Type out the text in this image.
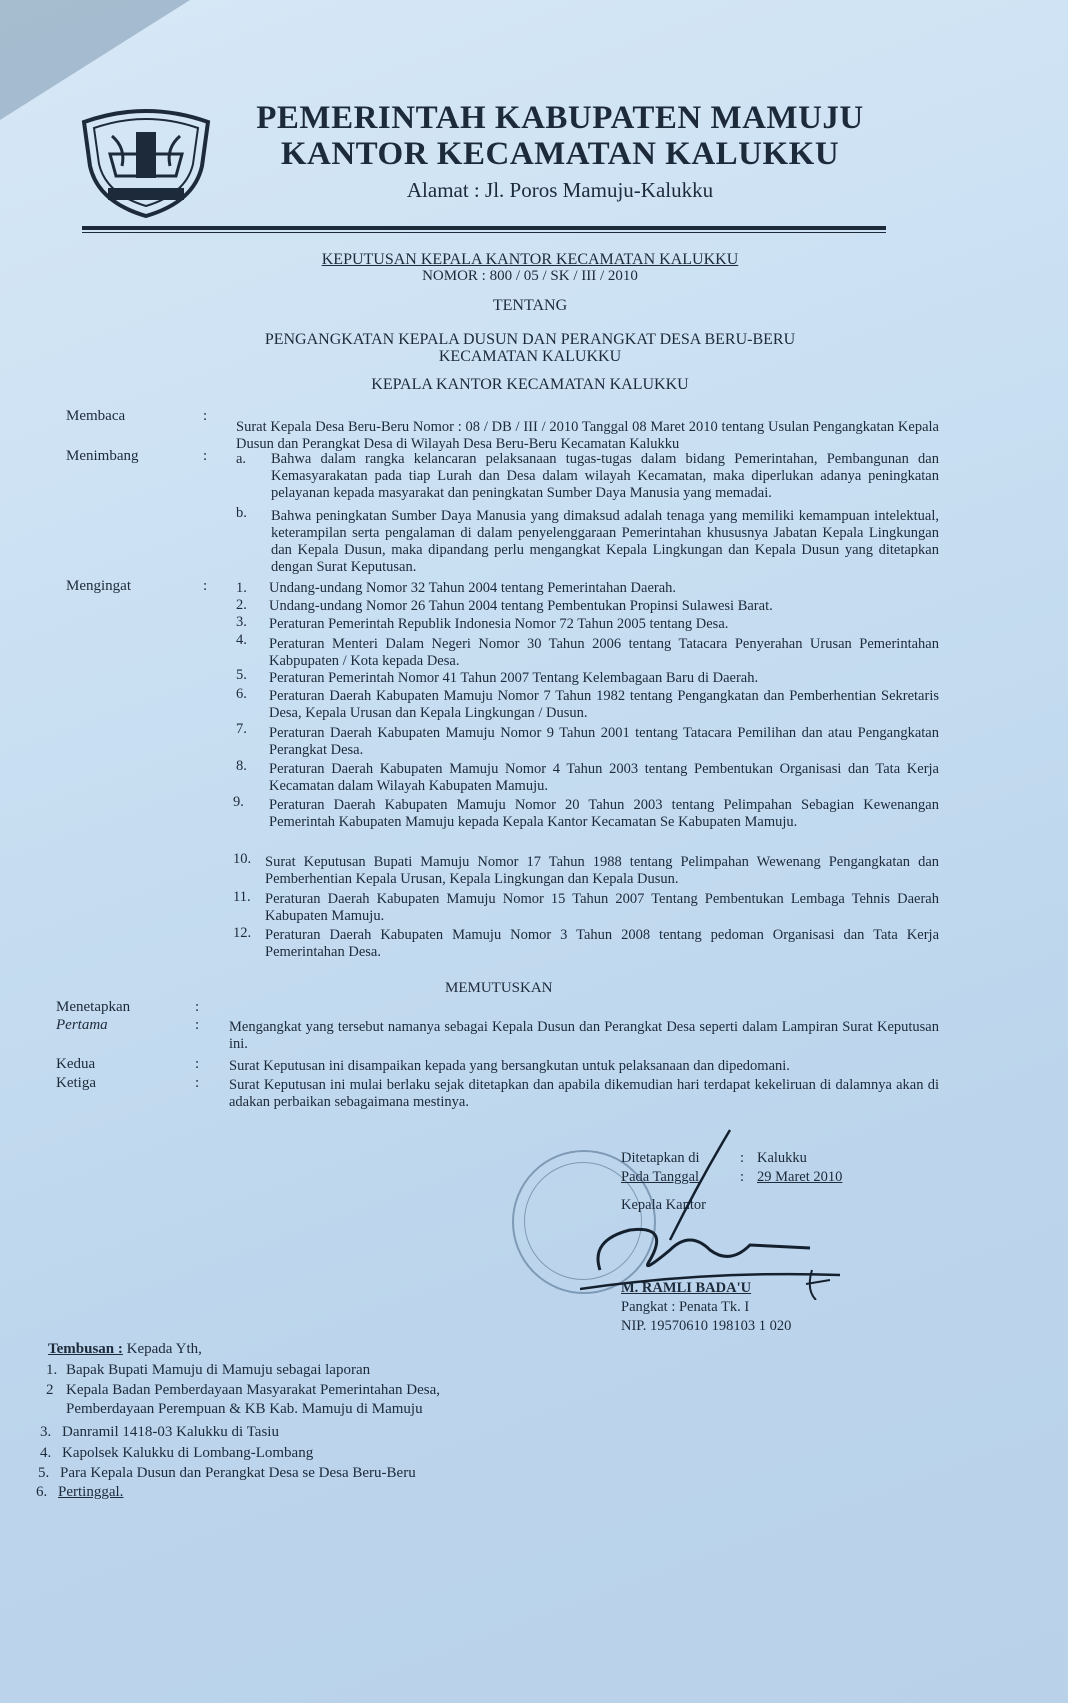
PEMERINTAH KABUPATEN MAMUJU
KANTOR KECAMATAN KALUKKU
Alamat : Jl. Poros Mamuju-Kalukku
KEPUTUSAN KEPALA KANTOR KECAMATAN KALUKKU
NOMOR : 800 / 05 / SK / III / 2010
TENTANG
PENGANGKATAN KEPALA DUSUN DAN PERANGKAT DESA BERU-BERU
KECAMATAN KALUKKU
KEPALA KANTOR KECAMATAN KALUKKU
Membaca	:
Surat Kepala Desa Beru-Beru Nomor : 08 / DB / III / 2010 Tanggal 08 Maret 2010 tentang Usulan Pengangkatan Kepala Dusun dan Perangkat Desa di Wilayah Desa Beru-Beru Kecamatan Kalukku
Menimbang	: a. Bahwa dalam rangka kelancaran pelaksanaan tugas-tugas dalam bidang Pemerintahan, Pembangunan dan Kemasyarakatan pada tiap Lurah dan Desa dalam wilayah Kecamatan, maka diperlukan adanya peningkatan pelayanan kepada masyarakat dan peningkatan Sumber Daya Manusia yang memadai.
b. Bahwa peningkatan Sumber Daya Manusia yang dimaksud adalah tenaga yang memiliki kemampuan intelektual, keterampilan serta pengalaman di dalam penyelenggaraan Pemerintahan khususnya Jabatan Kepala Lingkungan dan Kepala Dusun, maka dipandang perlu mengangkat Kepala Lingkungan dan Kepala Dusun yang ditetapkan dengan Surat Keputusan.
Mengingat	: 1. Undang-undang Nomor 32 Tahun 2004 tentang Pemerintahan Daerah.
2. Undang-undang Nomor 26 Tahun 2004 tentang Pembentukan Propinsi Sulawesi Barat.
3. Peraturan Pemerintah Republik Indonesia Nomor 72 Tahun 2005 tentang Desa.
4. Peraturan Menteri Dalam Negeri Nomor 30 Tahun 2006 tentang Tatacara Penyerahan Urusan Pemerintahan Kabpupaten / Kota kepada Desa.
5. Peraturan Pemerintah Nomor 41 Tahun 2007 Tentang Kelembagaan Baru di Daerah.
6. Peraturan Daerah Kabupaten Mamuju Nomor 7 Tahun 1982 tentang Pengangkatan dan Pemberhentian Sekretaris Desa, Kepala Urusan dan Kepala Lingkungan / Dusun.
7. Peraturan Daerah Kabupaten Mamuju Nomor 9 Tahun 2001 tentang Tatacara Pemilihan dan atau Pengangkatan Perangkat Desa.
8. Peraturan Daerah Kabupaten Mamuju Nomor 4 Tahun 2003 tentang Pembentukan Organisasi dan Tata Kerja Kecamatan dalam Wilayah Kabupaten Mamuju.
9. Peraturan Daerah Kabupaten Mamuju Nomor 20 Tahun 2003 tentang Pelimpahan Sebagian Kewenangan Pemerintah Kabupaten Mamuju kepada Kepala Kantor Kecamatan Se Kabupaten Mamuju.
10. Surat Keputusan Bupati Mamuju Nomor 17 Tahun 1988 tentang Pelimpahan Wewenang Pengangkatan dan Pemberhentian Kepala Urusan, Kepala Lingkungan dan Kepala Dusun.
11. Peraturan Daerah Kabupaten Mamuju Nomor 15 Tahun 2007 Tentang Pembentukan Lembaga Tehnis Daerah Kabupaten Mamuju.
12. Peraturan Daerah Kabupaten Mamuju Nomor 3 Tahun 2008 tentang pedoman Organisasi dan Tata Kerja Pemerintahan Desa.
MEMUTUSKAN
Menetapkan	:
Pertama	: Mengangkat yang tersebut namanya sebagai Kepala Dusun dan Perangkat Desa seperti dalam Lampiran Surat Keputusan ini.
Kedua	: Surat Keputusan ini disampaikan kepada yang bersangkutan untuk pelaksanaan dan dipedomani.
Ketiga	: Surat Keputusan ini mulai berlaku sejak ditetapkan dan apabila dikemudian hari terdapat kekeliruan di dalamnya akan di adakan perbaikan sebagaimana mestinya.
Ditetapkan di	: Kalukku
Pada Tanggal	: 29 Maret 2010
Kepala Kantor
M. RAMLI BADA'U
Pangkat : Penata Tk. I
NIP. 19570610 198103 1 020
Tembusan : Kepada Yth,
1. Bapak Bupati Mamuju di Mamuju sebagai laporan
2 Kepala Badan Pemberdayaan Masyarakat Pemerintahan Desa,
Pemberdayaan Perempuan & KB Kab. Mamuju di Mamuju
3. Danramil 1418-03 Kalukku di Tasiu
4. Kapolsek Kalukku di Lombang-Lombang
5. Para Kepala Dusun dan Perangkat Desa se Desa Beru-Beru
6. Pertinggal.
